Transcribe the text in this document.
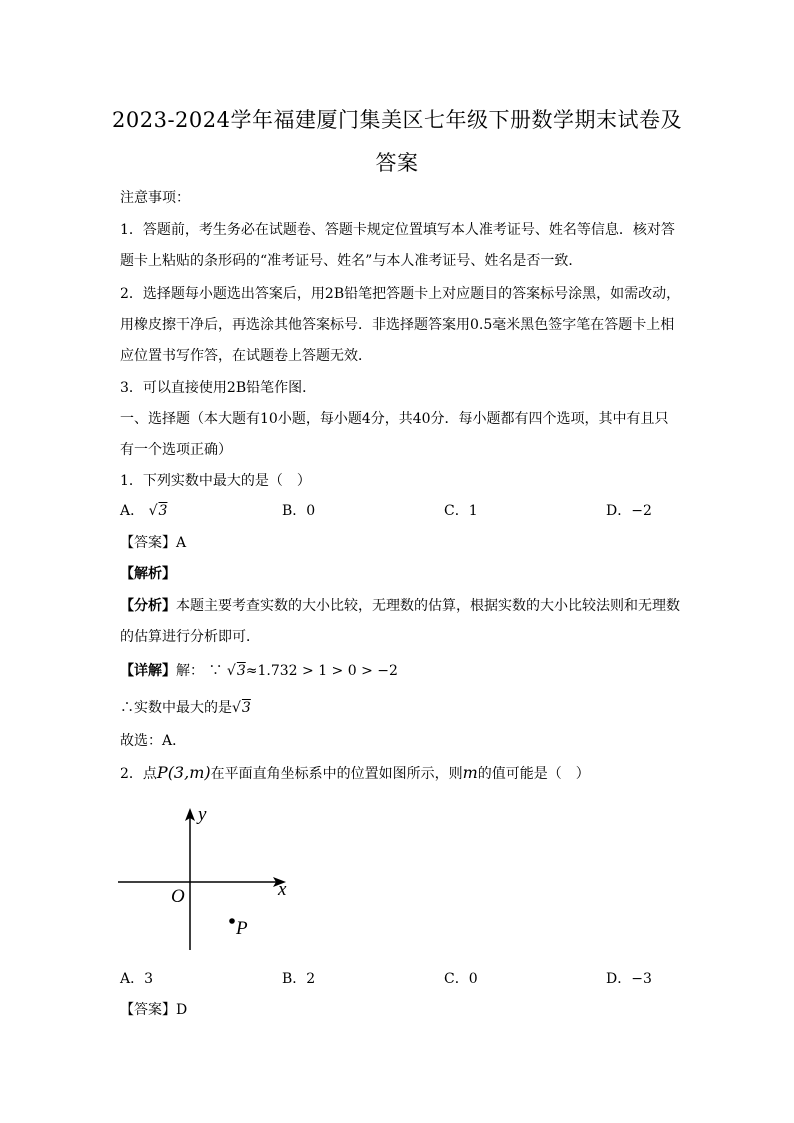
2023-2024学年福建厦门集美区七年级下册数学期末试卷及
答案
注意事项：
1．答题前，考生务必在试题卷、答题卡规定位置填写本人准考证号、姓名等信息．核对答
题卡上粘贴的条形码的“准考证号、姓名”与本人准考证号、姓名是否一致．
2．选择题每小题选出答案后，用2B铅笔把答题卡上对应题目的答案标号涂黑，如需改动，
用橡皮擦干净后，再选涂其他答案标号．非选择题答案用0.5毫米黑色签字笔在答题卡上相
应位置书写作答，在试题卷上答题无效．
3．可以直接使用2B铅笔作图．
一、选择题（本大题有10小题，每小题4分，共40分．每小题都有四个选项，其中有且只
有一个选项正确）
1．下列实数中最大的是（　）
A． √3	B．0	C．1	D．−2
【答案】A
【解析】
【分析】本题主要考查实数的大小比较，无理数的估算，根据实数的大小比较法则和无理数
的估算进行分析即可．
【详解】解： ∵ √3≈1.732 > 1 > 0 > −2
∴实数中最大的是√3
故选：A．
2．点P(3,m)在平面直角坐标系中的位置如图所示，则m的值可能是（　）
y
x
O
P
A．3	B．2	C．0	D．−3
【答案】D
